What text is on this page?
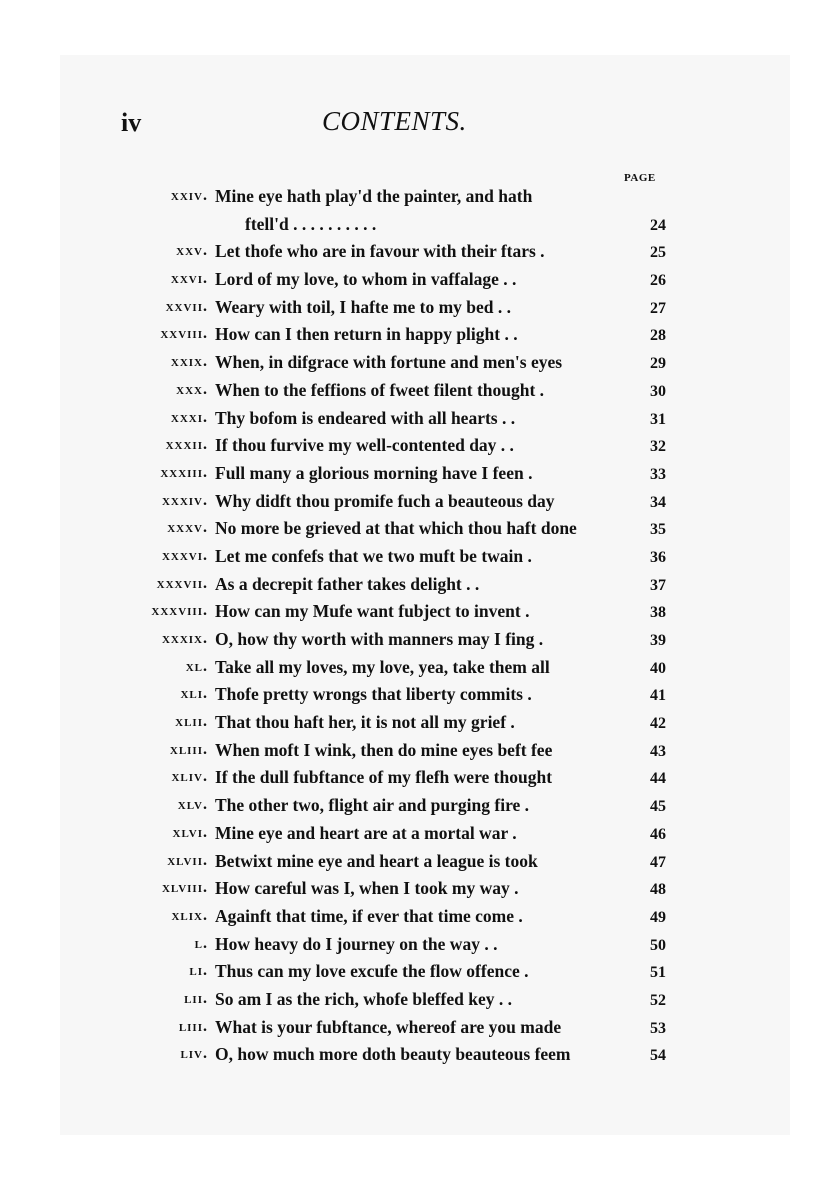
iv	CONTENTS.
PAGE
xxiv. Mine eye hath play'd the painter, and hath
ftell'd . . . . . . . . . .	24
xxv. Let thofe who are in favour with their ftars .	25
xxvi. Lord of my love, to whom in vaffalage . .	26
xxvii. Weary with toil, I hafte me to my bed . .	27
xxviii. How can I then return in happy plight . .	28
xxix. When, in difgrace with fortune and men's eyes	29
xxx. When to the feffions of fweet filent thought .	30
xxxi. Thy bofom is endeared with all hearts . .	31
xxxii. If thou furvive my well-contented day . .	32
xxxiii. Full many a glorious morning have I feen .	33
xxxiv. Why didft thou promife fuch a beauteous day	34
xxxv. No more be grieved at that which thou haft done	35
xxxvi. Let me confefs that we two muft be twain .	36
xxxvii. As a decrepit father takes delight . .	37
xxxviii. How can my Mufe want fubject to invent .	38
xxxix. O, how thy worth with manners may I fing .	39
xl. Take all my loves, my love, yea, take them all	40
xli. Thofe pretty wrongs that liberty commits .	41
xlii. That thou haft her, it is not all my grief .	42
xliii. When moft I wink, then do mine eyes beft fee	43
xliv. If the dull fubftance of my flefh were thought	44
xlv. The other two, flight air and purging fire .	45
xlvi. Mine eye and heart are at a mortal war .	46
xlvii. Betwixt mine eye and heart a league is took	47
xlviii. How careful was I, when I took my way .	48
xlix. Againft that time, if ever that time come .	49
l. How heavy do I journey on the way . .	50
li. Thus can my love excufe the flow offence .	51
lii. So am I as the rich, whofe bleffed key . .	52
liii. What is your fubftance, whereof are you made	53
liv. O, how much more doth beauty beauteous feem	54
